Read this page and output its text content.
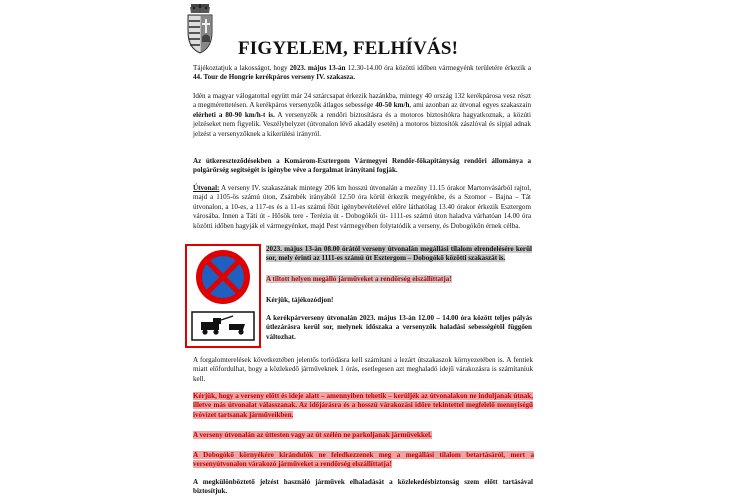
FIGYELEM, FELHÍVÁS!

Tájékoztatjuk a lakosságot, hogy 2023. május 13-án 12.30-14.00 óra közötti időben vármegyénk területére érkezik a 44. Tour de Hongrie kerékpáros verseny IV. szakasza.

Idén a magyar válogatottal együtt már 24 sztárcsapat érkezik hazánkba, mintegy 40 ország 132 kerékpárosa vesz részt a megmérettetésen. A kerékpáros versenyzők átlagos sebessége 40-50 km/h, ami azonban az útvonal egyes szakaszain elérheti a 80-90 km/h-t is. A versenyzők a rendőri biztosításra és a motoros biztosítókra hagyatkoznak, a közúti jelzéseket nem figyelik. Veszélyhelyzet (útvonalon lévő akadály esetén) a motoros biztosítók zászlóval és sípjal adnak jelzést a versenyzőknek a kikerülési irányról.

Az útkereszteződésekben a Komárom-Esztergom Vármegyei Rendőr-főkapitányság rendőri állománya a polgárőrség segítségét is igénybe véve a forgalmat irányítani fogják.

Útvonal: A verseny IV. szakaszának mintegy 206 km hosszú útvonalán a mezőny 11.15 órakor Martonvásárból rajtol, majd a 1105-ös számú úton, Zsámbék irányából 12.50 óra körül érkezik megyénkbe, és a Szomor – Bajna – Tát útvonalon, a 10-es, a 117-es és a 11-es számú főút igénybevételével előre láthatólag 13.40 órakor érkezik Esztergom városába. Innen a Táti út - Hősök tere - Terézia út - Dobogókői út- 1111-es számú úton haladva várhatóan 14.00 óra közötti időben hagyják el vármegyénket, majd Pest vármegyében folytatódik a verseny, és Dobogókőn érnek célba.

2023. május 13-án 08.00 órától verseny útvonalán megállási tilalom elrendelésére kerül sor, mely érinti az 1111-es számú út Esztergom – Dobogókő közötti szakaszát is.
A tiltott helyen megálló járműveket a rendőrség elszállíttatja!
Kérjük, tájékozódjon!
A kerékpárverseny útvonalán 2023. május 13-án 12.00 – 14.00 óra között teljes pályás útlezárásra kerül sor, melynek időszaka a versenyzők haladási sebességétől függően változhat.
A forgalomterelések következtében jelentős torlódásra kell számítani a lezárt útszakaszok környezetében is. A fentiek miatt előfordulhat, hogy a közlekedő járműveknek 1 órás, esetlegesen azt meghaladó idejű várakozásra is számítaniuk kell.
Kérjük, hogy a verseny előtt és ideje alatt – amennyiben tehetik – kerüljék az útvonalakon ne induljanak útnak, illetve más útvonalat válasszanak. Az időjárásra és a hosszú várakozási időre tekintettel megfelelő mennyiségű ivóvízet tartsanak járműveikben.
A verseny útvonalán az úttesten vagy az út szélén ne parkoljanak járművekkel.
A Dobogókő környékére kirándulók ne feledkezzenek meg a megállási tilalom betartásáról, mert a versenyútvonalon várakozó járműveket a rendőrség elszállíttatja!
A megkülönböztető jelzést használó járművek elhaladását a közlekedésbiztonság szem előtt tartásával biztosítjuk.
